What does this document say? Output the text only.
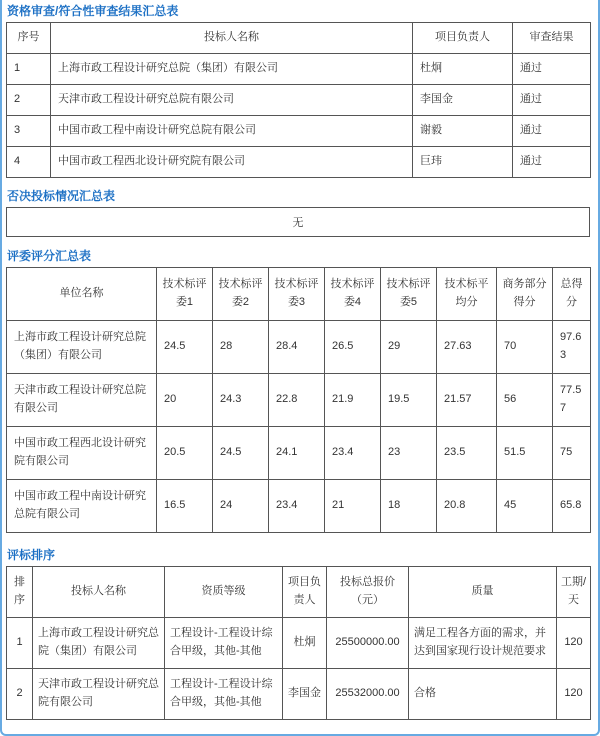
资格审查/符合性审查结果汇总表
序号	投标人名称	项目负责人	审查结果
1	上海市政工程设计研究总院（集团）有限公司	杜炯	通过
2	天津市政工程设计研究总院有限公司	李国金	通过
3	中国市政工程中南设计研究总院有限公司	谢毅	通过
4	中国市政工程西北设计研究院有限公司	巨玮	通过
否决投标情况汇总表
无
评委评分汇总表
单位名称	技术标评委1	技术标评委2	技术标评委3	技术标评委4	技术标评委5	技术标平均分	商务部分得分	总得分
上海市政工程设计研究总院（集团）有限公司	24.5	28	28.4	26.5	29	27.63	70	97.63
天津市政工程设计研究总院有限公司	20	24.3	22.8	21.9	19.5	21.57	56	77.57
中国市政工程西北设计研究院有限公司	20.5	24.5	24.1	23.4	23	23.5	51.5	75
中国市政工程中南设计研究总院有限公司	16.5	24	23.4	21	18	20.8	45	65.8
评标排序
排序	投标人名称	资质等级	项目负责人	投标总报价（元）	质量	工期/天
1	上海市政工程设计研究总院（集团）有限公司	工程设计-工程设计综合甲级，其他-其他	杜炯	25500000.00	满足工程各方面的需求，并达到国家现行设计规范要求	120
2	天津市政工程设计研究总院有限公司	工程设计-工程设计综合甲级，其他-其他	李国金	25532000.00	合格	120
